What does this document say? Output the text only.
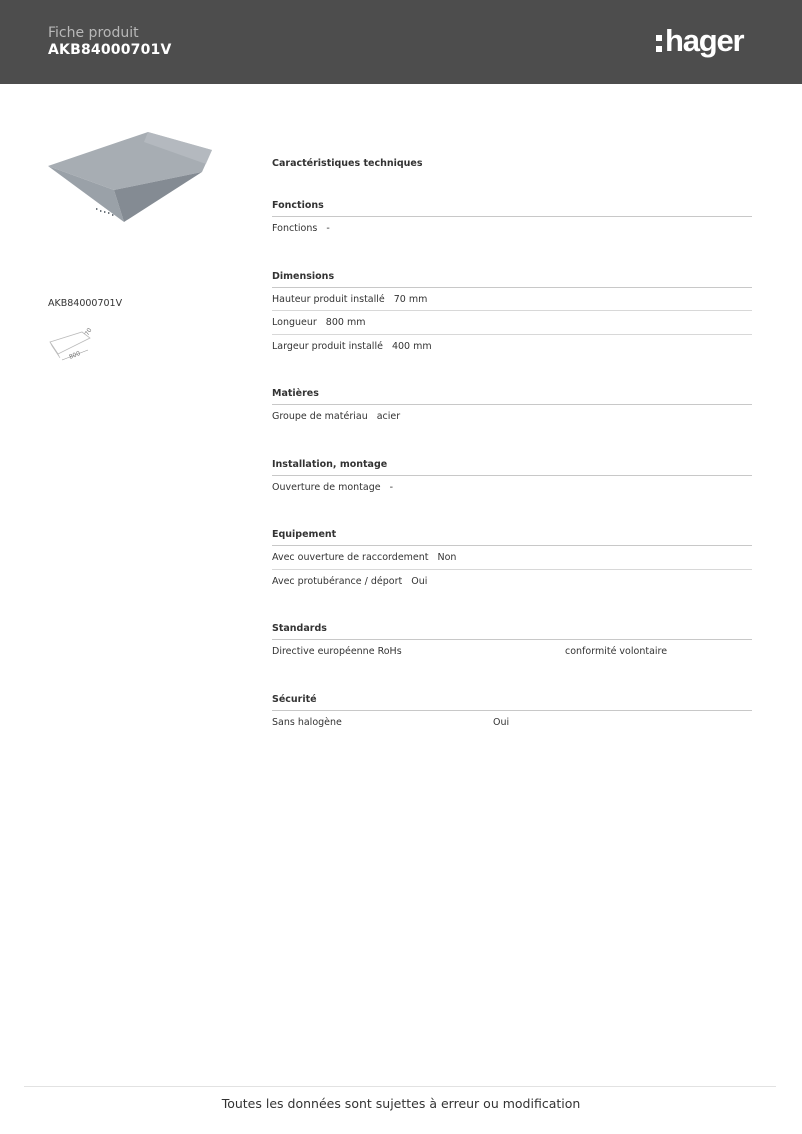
Fiche produit
AKB84000701V	hager
AKB84000701V
800
70
Caractéristiques techniques
Fonctions
Fonctions -
Dimensions
Hauteur produit installé 70 mm
Longueur 800 mm
Largeur produit installé 400 mm
Matières
Groupe de matériau acier
Installation, montage
Ouverture de montage -
Equipement
Avec ouverture de raccordement Non
Avec protubérance / déport Oui
Standards
Directive européenne RoHs	conformité volontaire
Sécurité
Sans halogène	Oui
Toutes les données sont sujettes à erreur ou modification
